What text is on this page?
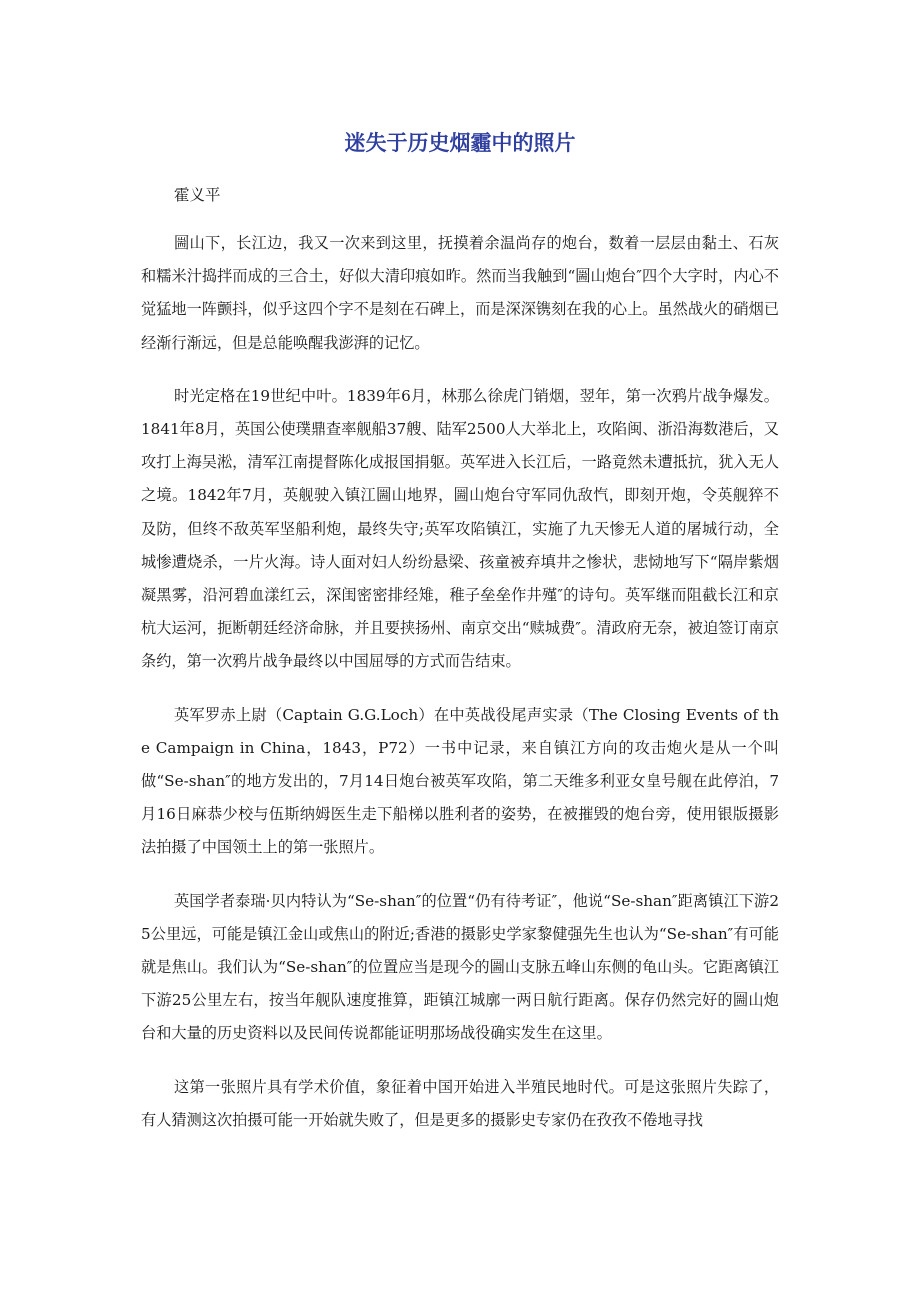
迷失于历史烟霾中的照片

霍义平

圌山下，长江边，我又一次来到这里，抚摸着余温尚存的炮台，数着一层层由黏土、石灰和糯米汁捣拌而成的三合土，好似大清印痕如昨。然而当我触到“圌山炮台″四个大字时，内心不觉猛地一阵颤抖，似乎这四个字不是刻在石碑上，而是深深镌刻在我的心上。虽然战火的硝烟已经渐行渐远，但是总能唤醒我澎湃的记忆。

时光定格在19世纪中叶。1839年6月，林那么徐虎门销烟，翌年，第一次鸦片战争爆发。1841年8月，英国公使璞鼎查率舰船37艘、陆军2500人大举北上，攻陷闽、浙沿海数港后，又攻打上海吴淞，清军江南提督陈化成报国捐躯。英军进入长江后，一路竟然未遭抵抗，犹入无人之境。1842年7月，英舰驶入镇江圌山地界，圌山炮台守军同仇敌忾，即刻开炮，令英舰猝不及防，但终不敌英军坚船利炮，最终失守;英军攻陷镇江，实施了九天惨无人道的屠城行动，全城惨遭烧杀，一片火海。诗人面对妇人纷纷悬梁、孩童被弃填井之惨状，悲恸地写下“隔岸紫烟凝黑雾，沿河碧血漾红云，深闺密密排经雉，稚子垒垒作井殣″的诗句。英军继而阻截长江和京杭大运河，扼断朝廷经济命脉，并且要挟扬州、南京交出“赎城费″。清政府无奈，被迫签订南京条约，第一次鸦片战争最终以中国屈辱的方式而告结束。

英军罗赤上尉（Captain G.G.Loch）在中英战役尾声实录（The Closing Events of the Campaign in China，1843，P72）一书中记录，来自镇江方向的攻击炮火是从一个叫做“Se-shan″的地方发出的，7月14日炮台被英军攻陷，第二天维多利亚女皇号舰在此停泊，7月16日麻恭少校与伍斯纳姆医生走下船梯以胜利者的姿势，在被摧毁的炮台旁，使用银版摄影法拍摄了中国领土上的第一张照片。

英国学者泰瑞·贝内特认为“Se-shan″的位置“仍有待考证″，他说“Se-shan″距离镇江下游25公里远，可能是镇江金山或焦山的附近;香港的摄影史学家黎健强先生也认为“Se-shan″有可能就是焦山。我们认为“Se-shan″的位置应当是现今的圌山支脉五峰山东侧的龟山头。它距离镇江下游25公里左右，按当年舰队速度推算，距镇江城廓一两日航行距离。保存仍然完好的圌山炮台和大量的历史资料以及民间传说都能证明那场战役确实发生在这里。

这第一张照片具有学术价值，象征着中国开始进入半殖民地时代。可是这张照片失踪了，有人猜测这次拍摄可能一开始就失败了，但是更多的摄影史专家仍在孜孜不倦地寻找
